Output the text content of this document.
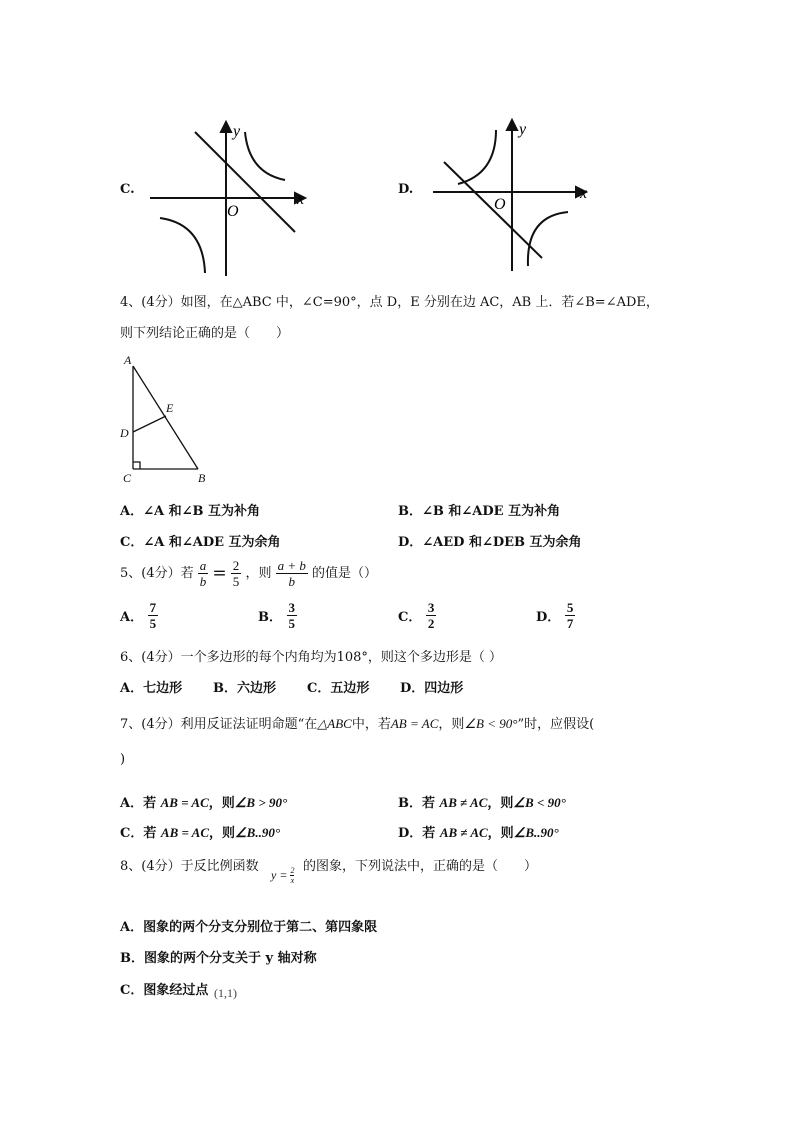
C.
y
x
O
D.
y
x
O
4、(4分）如图，在△ABC 中，∠C=90°，点 D，E 分别在边 AC，AB 上．若∠B=∠ADE，
则下列结论正确的是（　　）
A
E
D
C	B
A．∠A 和∠B 互为补角	B．∠B 和∠ADE 互为补角
C．∠A 和∠ADE 互为余角	D．∠AED 和∠DEB 互为余角
5、(4分）若 $\frac{a}{b} = \frac{2}{5}$ ，则 $\frac{a + b}{b}$ 的值是（）
A． $\frac{7}{5}$	B． $\frac{3}{5}$	C． $\frac{3}{2}$	D． $\frac{5}{7}$
6、(4分）一个多边形的每个内角均为108°，则这个多边形是（ ）
A．七边形 B．六边形 C．五边形 D．四边形
7、(4分）利用反证法证明命题“在△ABC中，若AB = AC，则∠B < 90°”时，应假设(
)
A．若 AB = AC，则∠B > 90°	B．若 AB ≠ AC，则∠B < 90°
C．若 AB = AC，则∠B..90°	D．若 AB ≠ AC，则∠B..90°
8、(4分）于反比例函数
$y = \frac{2}{x}$ 的图象，下列说法中，正确的是（　　）
A．图象的两个分支分别位于第二、第四象限
B．图象的两个分支关于 y 轴对称
C．图象经过点 (1,1)
